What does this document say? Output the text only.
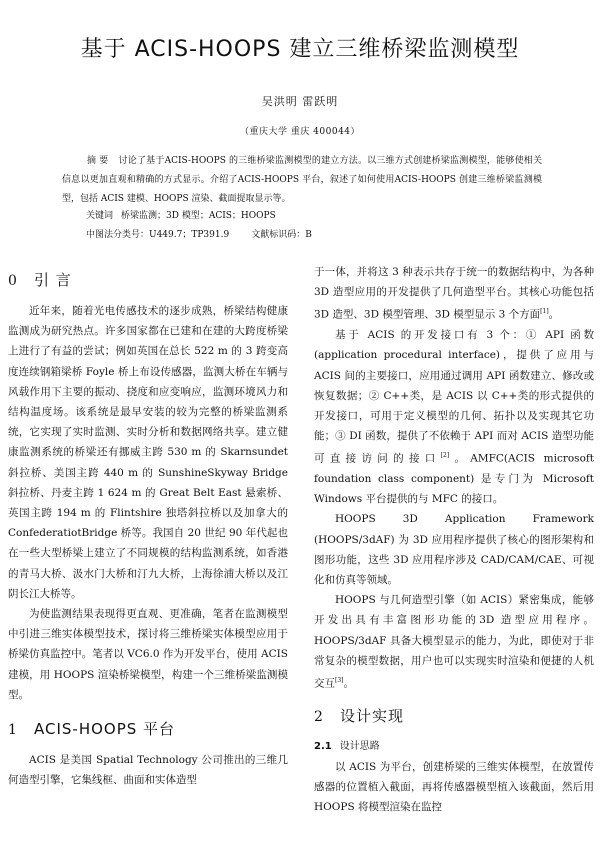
基于 ACIS-HOOPS 建立三维桥梁监测模型
吴洪明 雷跃明
（重庆大学 重庆 400044）
摘 要 讨论了基于ACIS-HOOPS 的三维桥梁监测模型的建立方法。以三维方式创建桥梁监测模型，能够使相关信息以更加直观和精确的方式显示。介绍了ACIS-HOOPS 平台，叙述了如何使用ACIS-HOOPS 创建三维桥梁监测模型，包括 ACIS 建模、HOOPS 渲染、截面提取显示等。
关键词 桥梁监测；3D 模型；ACIS；HOOPS
中图法分类号：U449.7；TP391.9 文献标识码：B
0 引 言

近年来，随着光电传感技术的逐步成熟，桥梁结构健康监测成为研究热点。许多国家都在已建和在建的大跨度桥梁上进行了有益的尝试；例如英国在总长 522 m 的 3 跨变高度连续钢箱梁桥 Foyle 桥上布设传感器，监测大桥在车辆与风载作用下主要的振动、挠度和应变响应，监测环境风力和结构温度场。该系统是最早安装的较为完整的桥梁监测系统，它实现了实时监测、实时分析和数据网络共享。建立健康监测系统的桥梁还有挪威主跨 530 m 的 Skarnsundet 斜拉桥、美国主跨 440 m 的 SunshineSkyway Bridge 斜拉桥、丹麦主跨 1 624 m 的 Great Belt East 悬索桥、英国主跨 194 m 的 Flintshire 独塔斜拉桥以及加拿大的 ConfederatiotBridge 桥等。我国自 20 世纪 90 年代起也在一些大型桥梁上建立了不同规模的结构监测系统，如香港的青马大桥、汲水门大桥和汀九大桥，上海徐浦大桥以及江阴长江大桥等。

为使监测结果表现得更直观、更准确，笔者在监测模型中引进三维实体模型技术，探讨将三维桥梁实体模型应用于桥梁仿真监控中。笔者以 VC6.0 作为开发平台，使用 ACIS 建模，用 HOOPS 渲染桥梁模型，构建一个三维桥梁监测模型。

1 ACIS-HOOPS 平台

ACIS 是美国 Spatial Technology 公司推出的三维几何造型引擎，它集线框、曲面和实体造型

于一体，并将这 3 种表示共存于统一的数据结构中，为各种 3D 造型应用的开发提供了几何造型平台。其核心功能包括 3D 造型、3D 模型管理、3D 模型显示 3 个方面[1]。

基于 ACIS 的开发接口有 3 个：① API 函数 (application procedural interface)，提供了应用与 ACIS 间的主要接口，应用通过调用 API 函数建立、修改或恢复数据；② C++类，是 ACIS 以 C++类的形式提供的开发接口，可用于定义模型的几何、拓扑以及实现其它功能；③ DI 函数，提供了不依赖于 API 而对 ACIS 造型功能可直接访问的接口[2]。AMFC(ACIS microsoft foundation class component) 是专门为 Microsoft Windows 平台提供的与 MFC 的接口。

HOOPS 3D Application Framework (HOOPS/3dAF) 为 3D 应用程序提供了核心的图形架构和图形功能，这些 3D 应用程序涉及 CAD/CAM/CAE、可视化和仿真等领域。

HOOPS 与几何造型引擎（如 ACIS）紧密集成，能够开发出具有丰富图形功能的3D 造型应用程序。HOOPS/3dAF 具备大模型显示的能力，为此，即使对于非常复杂的模型数据，用户也可以实现实时渲染和便捷的人机交互[3]。

2 设计实现
2.1 设计思路

以 ACIS 为平台，创建桥梁的三维实体模型，在放置传感器的位置植入截面，再将传感器模型植入该截面，然后用 HOOPS 将模型渲染在监控
